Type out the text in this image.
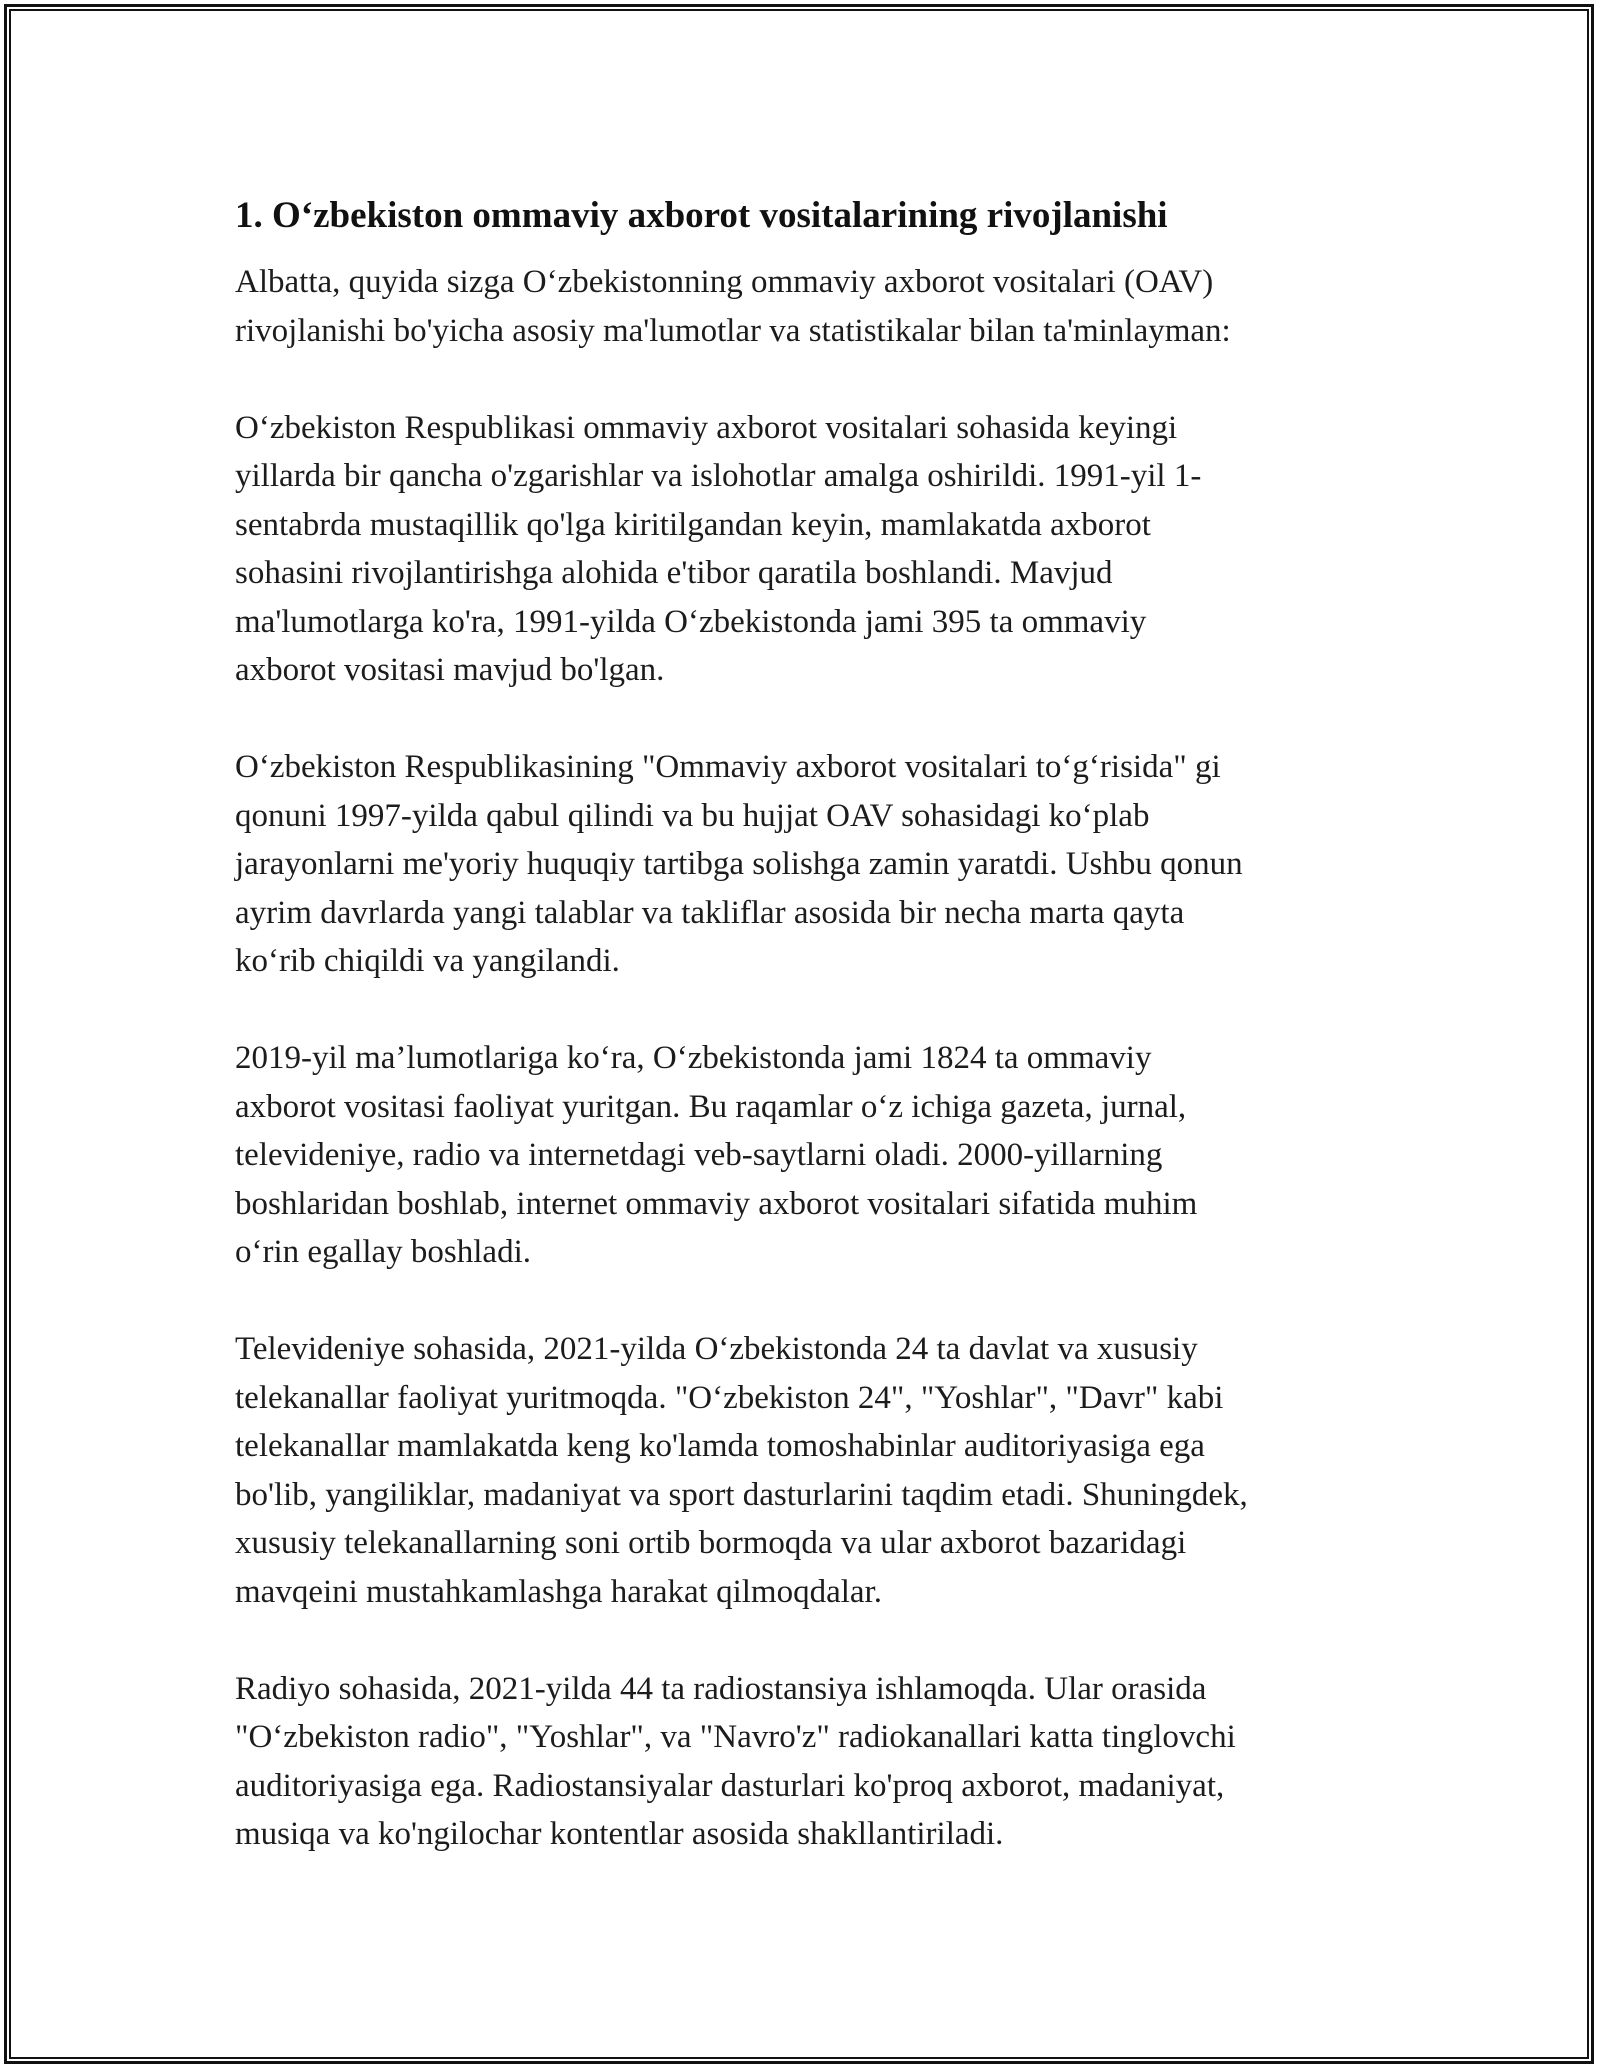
1. O‘zbekiston ommaviy axborot vositalarining rivojlanishi

Albatta, quyida sizga O‘zbekistonning ommaviy axborot vositalari (OAV)
rivojlanishi bo'yicha asosiy ma'lumotlar va statistikalar bilan ta'minlayman:

O‘zbekiston Respublikasi ommaviy axborot vositalari sohasida keyingi
yillarda bir qancha o'zgarishlar va islohotlar amalga oshirildi. 1991-yil 1-
sentabrda mustaqillik qo'lga kiritilgandan keyin, mamlakatda axborot
sohasini rivojlantirishga alohida e'tibor qaratila boshlandi. Mavjud
ma'lumotlarga ko'ra, 1991-yilda O‘zbekistonda jami 395 ta ommaviy
axborot vositasi mavjud bo'lgan.

O‘zbekiston Respublikasining "Ommaviy axborot vositalari to‘g‘risida" gi
qonuni 1997-yilda qabul qilindi va bu hujjat OAV sohasidagi ko‘plab
jarayonlarni me'yoriy huquqiy tartibga solishga zamin yaratdi. Ushbu qonun
ayrim davrlarda yangi talablar va takliflar asosida bir necha marta qayta
ko‘rib chiqildi va yangilandi.

2019-yil ma’lumotlariga ko‘ra, O‘zbekistonda jami 1824 ta ommaviy
axborot vositasi faoliyat yuritgan. Bu raqamlar o‘z ichiga gazeta, jurnal,
televideniye, radio va internetdagi veb-saytlarni oladi. 2000-yillarning
boshlaridan boshlab, internet ommaviy axborot vositalari sifatida muhim
o‘rin egallay boshladi.

Televideniye sohasida, 2021-yilda O‘zbekistonda 24 ta davlat va xususiy
telekanallar faoliyat yuritmoqda. "O‘zbekiston 24", "Yoshlar", "Davr" kabi
telekanallar mamlakatda keng ko'lamda tomoshabinlar auditoriyasiga ega
bo'lib, yangiliklar, madaniyat va sport dasturlarini taqdim etadi. Shuningdek,
xususiy telekanallarning soni ortib bormoqda va ular axborot bazaridagi
mavqeini mustahkamlashga harakat qilmoqdalar.

Radiyo sohasida, 2021-yilda 44 ta radiostansiya ishlamoqda. Ular orasida
"O‘zbekiston radio", "Yoshlar", va "Navro'z" radiokanallari katta tinglovchi
auditoriyasiga ega. Radiostansiyalar dasturlari ko'proq axborot, madaniyat,
musiqa va ko'ngilochar kontentlar asosida shakllantiriladi.
